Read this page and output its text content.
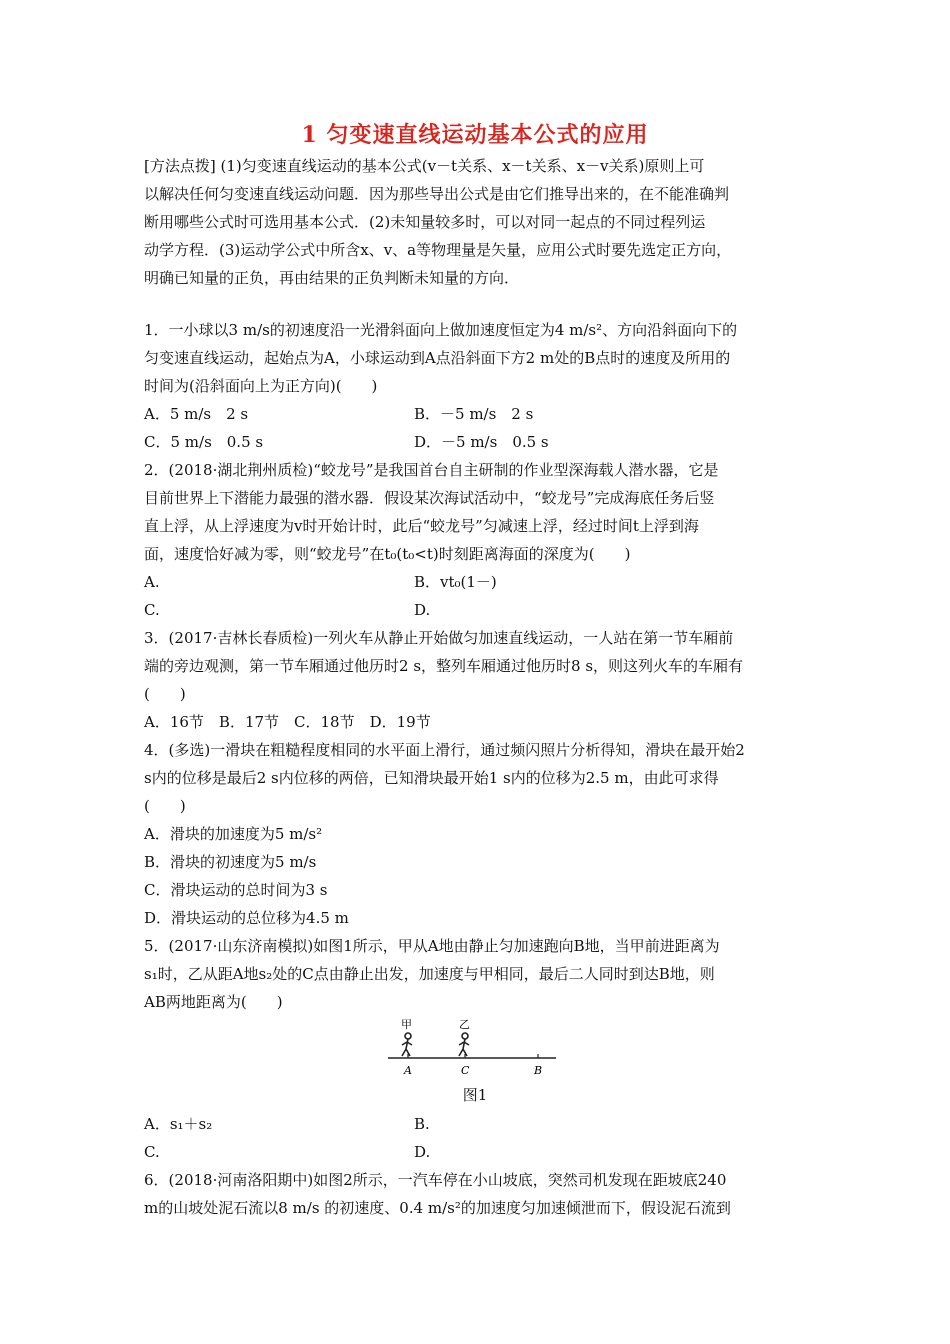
1 匀变速直线运动基本公式的应用
[方法点拨] (1)匀变速直线运动的基本公式(v－t关系、x－t关系、x－v关系)原则上可
以解决任何匀变速直线运动问题．因为那些导出公式是由它们推导出来的，在不能准确判
断用哪些公式时可选用基本公式．(2)未知量较多时，可以对同一起点的不同过程列运
动学方程．(3)运动学公式中所含x、v、a等物理量是矢量，应用公式时要先选定正方向，
明确已知量的正负，再由结果的正负判断未知量的方向．
1．一小球以3 m/s的初速度沿一光滑斜面向上做加速度恒定为4 m/s²、方向沿斜面向下的
匀变速直线运动，起始点为A，小球运动到A点沿斜面下方2 m处的B点时的速度及所用的
时间为(沿斜面向上为正方向)(　　)
A．5 m/s　2 s	B．－5 m/s　2 s
C．5 m/s　0.5 s	D．－5 m/s　0.5 s
2．(2018·湖北荆州质检)“蛟龙号”是我国首台自主研制的作业型深海载人潜水器，它是
目前世界上下潜能力最强的潜水器．假设某次海试活动中，“蛟龙号”完成海底任务后竖
直上浮，从上浮速度为v时开始计时，此后“蛟龙号”匀减速上浮，经过时间t上浮到海
面，速度恰好减为零，则“蛟龙号”在t₀(t₀<t)时刻距离海面的深度为(　　)
A.	B．vt₀(1－)
C.	D.
3．(2017·吉林长春质检)一列火车从静止开始做匀加速直线运动，一人站在第一节车厢前
端的旁边观测，第一节车厢通过他历时2 s，整列车厢通过他历时8 s，则这列火车的车厢有
(　　)
A．16节　B．17节　C．18节　D．19节
4．(多选)一滑块在粗糙程度相同的水平面上滑行，通过频闪照片分析得知，滑块在最开始2
s内的位移是最后2 s内位移的两倍，已知滑块最开始1 s内的位移为2.5 m，由此可求得
(　　)
A．滑块的加速度为5 m/s²
B．滑块的初速度为5 m/s
C．滑块运动的总时间为3 s
D．滑块运动的总位移为4.5 m
5．(2017·山东济南模拟)如图1所示，甲从A地由静止匀加速跑向B地，当甲前进距离为
s₁时，乙从距A地s₂处的C点由静止出发，加速度与甲相同，最后二人同时到达B地，则
AB两地距离为(　　)
甲	乙
A	C	B
图1
A．s₁＋s₂	B.
C.	D.
6．(2018·河南洛阳期中)如图2所示，一汽车停在小山坡底，突然司机发现在距坡底240
m的山坡处泥石流以8 m/s 的初速度、0.4 m/s²的加速度匀加速倾泄而下，假设泥石流到
